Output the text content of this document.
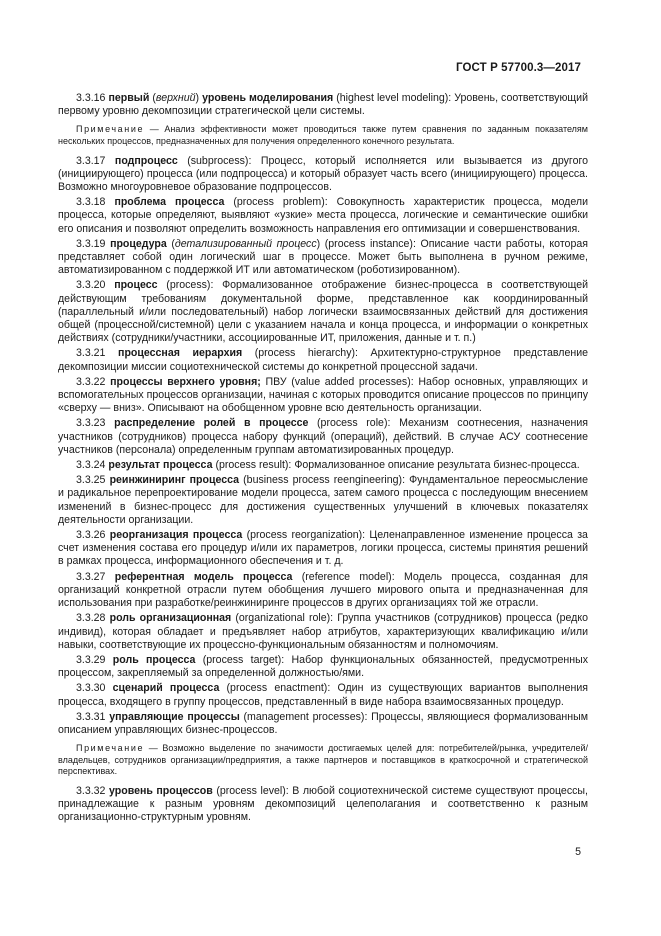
ГОСТ Р 57700.3—2017

3.3.16 первый (верхний) уровень моделирования (highest level modeling): Уровень, соответствующий первому уровню декомпозиции стратегической цели системы.

Примечание — Анализ эффективности может проводиться также путем сравнения по заданным показателям нескольких процессов, предназначенных для получения определенного конечного результата.

3.3.17 подпроцесс (subprocess): Процесс, который исполняется или вызывается из другого (инициирующего) процесса (или подпроцесса) и который образует часть всего (инициирующего) процесса. Возможно многоуровневое образование подпроцессов.

3.3.18 проблема процесса (process problem): Совокупность характеристик процесса, модели процесса, которые определяют, выявляют «узкие» места процесса, логические и семантические ошибки его описания и позволяют определить возможность направления его оптимизации и совершенствования.

3.3.19 процедура (детализированный процесс) (process instance): Описание части работы, которая представляет собой один логический шаг в процессе. Может быть выполнена в ручном режиме, автоматизированном с поддержкой ИТ или автоматическом (роботизированном).

3.3.20 процесс (process): Формализованное отображение бизнес-процесса в соответствующей действующим требованиям документальной форме, представленное как координированный (параллельный и/или последовательный) набор логически взаимосвязанных действий для достижения общей (процессной/системной) цели с указанием начала и конца процесса, и информации о конкретных действиях (сотрудники/участники, ассоциированные ИТ, приложения, данные и т. п.)

3.3.21 процессная иерархия (process hierarchy): Архитектурно-структурное представление декомпозиции миссии социотехнической системы до конкретной процессной задачи.

3.3.22 процессы верхнего уровня; ПВУ (value added processes): Набор основных, управляющих и вспомогательных процессов организации, начиная с которых проводится описание процессов по принципу «сверху — вниз». Описывают на обобщенном уровне всю деятельность организации.

3.3.23 распределение ролей в процессе (process role): Механизм соотнесения, назначения участников (сотрудников) процесса набору функций (операций), действий. В случае АСУ соотнесение участников (персонала) определенным группам автоматизированных процедур.

3.3.24 результат процесса (process result): Формализованное описание результата бизнес-процесса.

3.3.25 реинжиниринг процесса (business process reengineering): Фундаментальное переосмысление и радикальное перепроектирование модели процесса, затем самого процесса с последующим внесением изменений в бизнес-процесс для достижения существенных улучшений в ключевых показателях деятельности организации.

3.3.26 реорганизация процесса (process reorganization): Целенаправленное изменение процесса за счет изменения состава его процедур и/или их параметров, логики процесса, системы принятия решений в рамках процесса, информационного обеспечения и т. д.

3.3.27 референтная модель процесса (reference model): Модель процесса, созданная для организаций конкретной отрасли путем обобщения лучшего мирового опыта и предназначенная для использования при разработке/реинжиниринге процессов в других организациях той же отрасли.

3.3.28 роль организационная (organizational role): Группа участников (сотрудников) процесса (редко индивид), которая обладает и предъявляет набор атрибутов, характеризующих квалификацию и/или навыки, соответствующие их процессно-функциональным обязанностям и полномочиям.

3.3.29 роль процесса (process target): Набор функциональных обязанностей, предусмотренных процессом, закрепляемый за определенной должностью/ями.

3.3.30 сценарий процесса (process enactment): Один из существующих вариантов выполнения процесса, входящего в группу процессов, представленный в виде набора взаимосвязанных процедур.

3.3.31 управляющие процессы (management processes): Процессы, являющиеся формализованным описанием управляющих бизнес-процессов.

Примечание — Возможно выделение по значимости достигаемых целей для: потребителей/рынка, учредителей/владельцев, сотрудников организации/предприятия, а также партнеров и поставщиков в краткосрочной и стратегической перспективах.

3.3.32 уровень процессов (process level): В любой социотехнической системе существуют процессы, принадлежащие к разным уровням декомпозиций целеполагания и соответственно к разным организационно-структурным уровням.

5
